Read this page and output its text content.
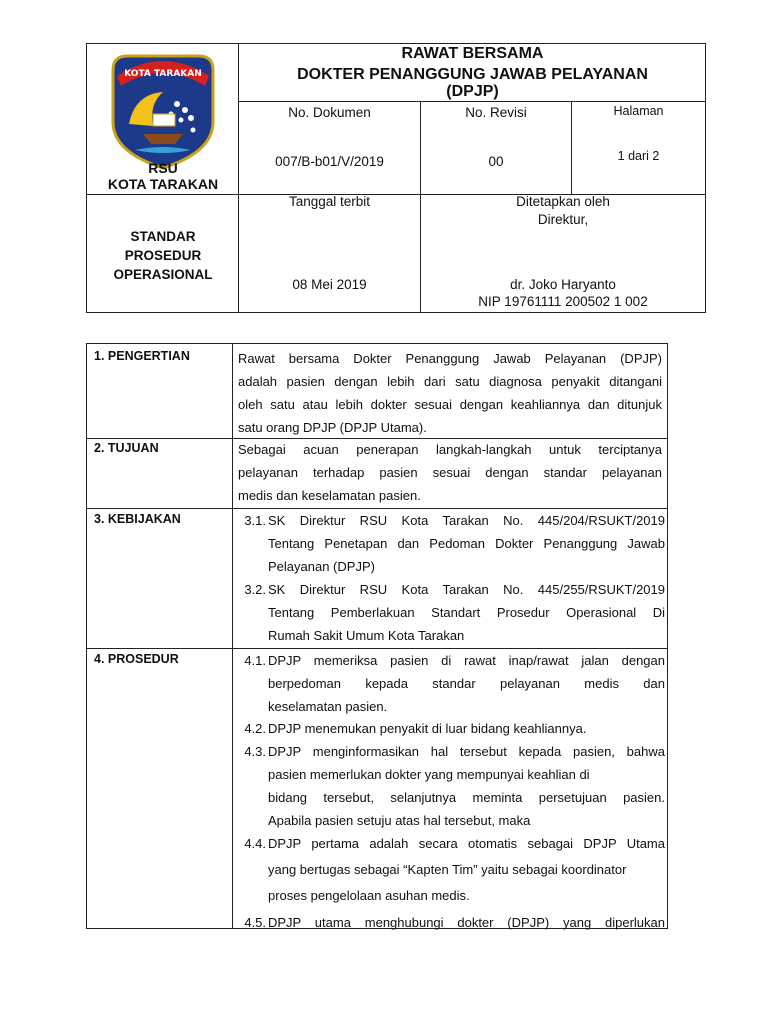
KOTA TARAKAN
RSU
KOTA TARAKAN
RAWAT BERSAMA
DOKTER PENANGGUNG JAWAB PELAYANAN
(DPJP)
No. Dokumen
007/B-b01/V/2019
No. Revisi
00
Halaman
1 dari 2
STANDAR
PROSEDUR
OPERASIONAL
Tanggal terbit
08 Mei 2019
Ditetapkan oleh
Direktur,
dr. Joko Haryanto
NIP 19761111 200502 1 002
1. PENGERTIAN	Rawat bersama Dokter Penanggung Jawab Pelayanan (DPJP)
adalah pasien dengan lebih dari satu diagnosa penyakit ditangani
oleh satu atau lebih dokter sesuai dengan keahliannya dan ditunjuk
satu orang DPJP (DPJP Utama).
2. TUJUAN	Sebagai acuan penerapan langkah-langkah untuk terciptanya
pelayanan terhadap pasien sesuai dengan standar pelayanan
medis dan keselamatan pasien.
3. KEBIJAKAN	3.1. SK Direktur RSU Kota Tarakan No. 445/204/RSUKT/2019
Tentang Penetapan dan Pedoman Dokter Penanggung Jawab
Pelayanan (DPJP)
3.2. SK Direktur RSU Kota Tarakan No. 445/255/RSUKT/2019
Tentang Pemberlakuan Standart Prosedur Operasional Di
Rumah Sakit Umum Kota Tarakan
4. PROSEDUR	4.1. DPJP memeriksa pasien di rawat inap/rawat jalan dengan
berpedoman kepada standar pelayanan medis dan
keselamatan pasien.
4.2. DPJP menemukan penyakit di luar bidang keahliannya.
4.3. DPJP menginformasikan hal tersebut kepada pasien, bahwa
pasien memerlukan dokter yang mempunyai keahlian di
bidang tersebut, selanjutnya meminta persetujuan pasien.
Apabila pasien setuju atas hal tersebut, maka
4.4. DPJP pertama adalah secara otomatis sebagai DPJP Utama
yang bertugas sebagai “Kapten Tim” yaitu sebagai koordinator
proses pengelolaan asuhan medis.
4.5. DPJP utama menghubungi dokter (DPJP) yang diperlukan
